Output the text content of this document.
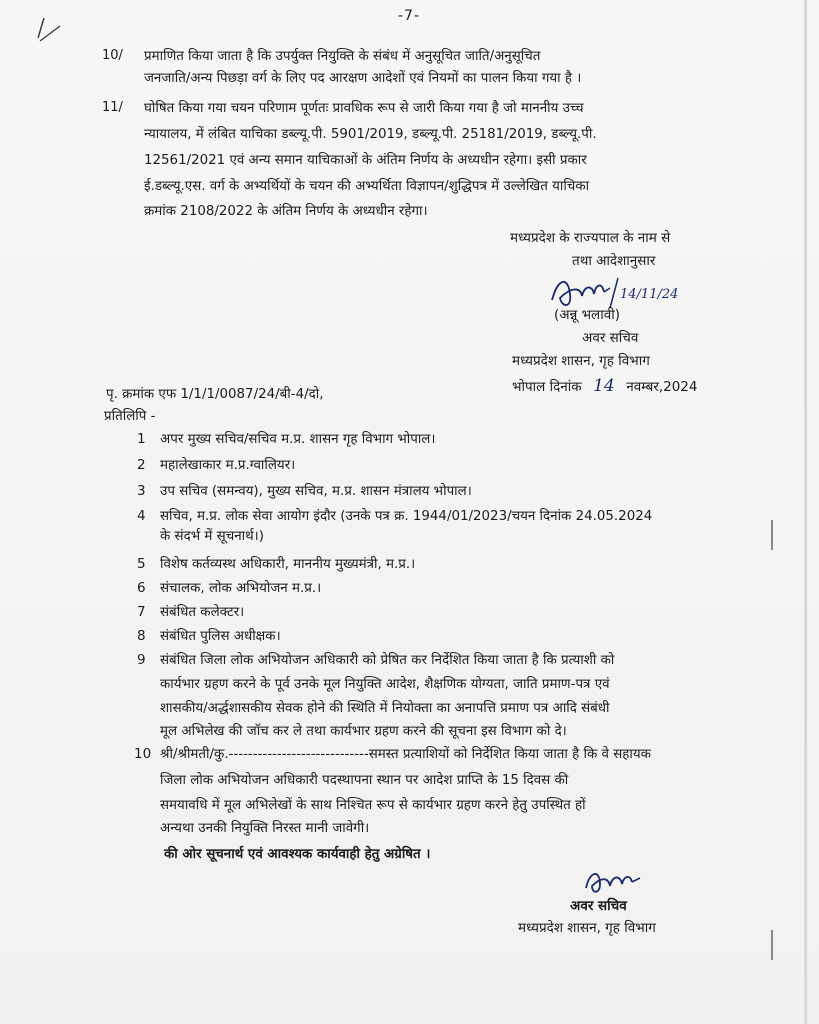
-7-
10/ प्रमाणित किया जाता है कि उपर्युक्त नियुक्ति के संबंध में अनुसूचित जाति/अनुसूचित
जनजाति/अन्य पिछड़ा वर्ग के लिए पद आरक्षण आदेशों एवं नियमों का पालन किया गया है ।
11/ घोषित किया गया चयन परिणाम पूर्णतः प्रावधिक रूप से जारी किया गया है जो माननीय उच्च
न्यायालय, में लंबित याचिका डब्ल्यू.पी. 5901/2019, डब्ल्यू.पी. 25181/2019, डब्ल्यू.पी.
12561/2021 एवं अन्य समान याचिकाओं के अंतिम निर्णय के अध्यधीन रहेगा। इसी प्रकार
ई.डब्ल्यू.एस. वर्ग के अभ्यर्थियों के चयन की अभ्यर्थिता विज्ञापन/शुद्धिपत्र में उल्लेखित याचिका
क्रमांक 2108/2022 के अंतिम निर्णय के अध्यधीन रहेगा।
मध्यप्रदेश के राज्यपाल के नाम से
तथा आदेशानुसार
14/11/24
(अन्नू भलावी)
अवर सचिव
मध्यप्रदेश शासन, गृह विभाग
भोपाल दिनांक 14 नवम्बर,2024
पृ. क्रमांक एफ 1/1/1/0087/24/बी-4/दो,
प्रतिलिपि -
1 अपर मुख्य सचिव/सचिव म.प्र. शासन गृह विभाग भोपाल।
2 महालेखाकार म.प्र.ग्वालियर।
3 उप सचिव (समन्वय), मुख्य सचिव, म.प्र. शासन मंत्रालय भोपाल।
4 सचिव, म.प्र. लोक सेवा आयोग इंदौर (उनके पत्र क्र. 1944/01/2023/चयन दिनांक 24.05.2024
के संदर्भ में सूचनार्थ।)
5 विशेष कर्तव्यस्थ अधिकारी, माननीय मुख्यमंत्री, म.प्र.।
6 संचालक, लोक अभियोजन म.प्र.।
7 संबंधित कलेक्टर।
8 संबंधित पुलिस अधीक्षक।
9 संबंधित जिला लोक अभियोजन अधिकारी को प्रेषित कर निर्देशित किया जाता है कि प्रत्याशी को
कार्यभार ग्रहण करने के पूर्व उनके मूल नियुक्ति आदेश, शैक्षणिक योग्यता, जाति प्रमाण-पत्र एवं
शासकीय/अर्द्धशासकीय सेवक होने की स्थिति में नियोक्ता का अनापत्ति प्रमाण पत्र आदि संबंधी
मूल अभिलेख की जॉच कर ले तथा कार्यभार ग्रहण करने की सूचना इस विभाग को दे।
10 श्री/श्रीमती/कु.-----------------------------समस्त प्रत्याशियों को निर्देशित किया जाता है कि वे सहायक
जिला लोक अभियोजन अधिकारी पदस्थापना स्थान पर आदेश प्राप्ति के 15 दिवस की
समयावधि में मूल अभिलेखों के साथ निश्चित रूप से कार्यभार ग्रहण करने हेतु उपस्थित हों
अन्यथा उनकी नियुक्ति निरस्त मानी जावेगी।
की ओर सूचनार्थ एवं आवश्यक कार्यवाही हेतु अग्रेषित ।
अवर सचिव
मध्यप्रदेश शासन, गृह विभाग
